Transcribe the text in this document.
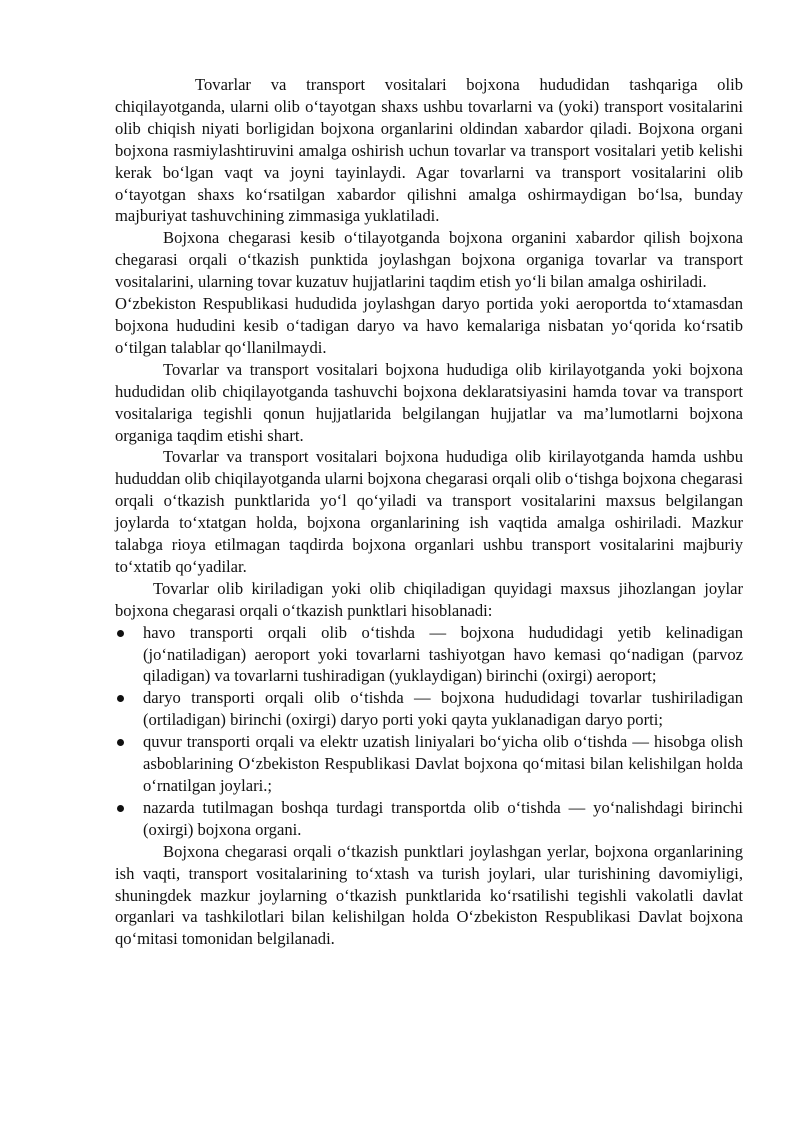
Tovarlar va transport vositalari bojxona hududidan tashqariga olib chiqilayotganda, ularni olib o‘tayotgan shaxs ushbu tovarlarni va (yoki) transport vositalarini olib chiqish niyati borligidan bojxona organlarini oldindan xabardor qiladi. Bojxona organi bojxona rasmiylashtiruvini amalga oshirish uchun tovarlar va transport vositalari yetib kelishi kerak bo‘lgan vaqt va joyni tayinlaydi. Agar tovarlarni va transport vositalarini olib o‘tayotgan shaxs ko‘rsatilgan xabardor qilishni amalga oshirmaydigan bo‘lsa, bunday majburiyat tashuvchining zimmasiga yuklatiladi.

Bojxona chegarasi kesib o‘tilayotganda bojxona organini xabardor qilish bojxona chegarasi orqali o‘tkazish punktida joylashgan bojxona organiga tovarlar va transport vositalarini, ularning tovar kuzatuv hujjatlarini taqdim etish yo‘li bilan amalga oshiriladi.

O‘zbekiston Respublikasi hududida joylashgan daryo portida yoki aeroportda to‘xtamasdan bojxona hududini kesib o‘tadigan daryo va havo kemalariga nisbatan yo‘qorida ko‘rsatib o‘tilgan talablar qo‘llanilmaydi.

Tovarlar va transport vositalari bojxona hududiga olib kirilayotganda yoki bojxona hududidan olib chiqilayotganda tashuvchi bojxona deklaratsiyasini hamda tovar va transport vositalariga tegishli qonun hujjatlarida belgilangan hujjatlar va ma’lumotlarni bojxona organiga taqdim etishi shart.

Tovarlar va transport vositalari bojxona hududiga olib kirilayotganda hamda ushbu hududdan olib chiqilayotganda ularni bojxona chegarasi orqali olib o‘tishga bojxona chegarasi orqali o‘tkazish punktlarida yo‘l qo‘yiladi va transport vositalarini maxsus belgilangan joylarda to‘xtatgan holda, bojxona organlarining ish vaqtida amalga oshiriladi. Mazkur talabga rioya etilmagan taqdirda bojxona organlari ushbu transport vositalarini majburiy to‘xtatib qo‘yadilar.

Tovarlar olib kiriladigan yoki olib chiqiladigan quyidagi maxsus jihozlangan joylar bojxona chegarasi orqali o‘tkazish punktlari hisoblanadi:

havo transporti orqali olib o‘tishda — bojxona hududidagi yetib kelinadigan (jo‘natiladigan) aeroport yoki tovarlarni tashiyotgan havo kemasi qo‘nadigan (parvoz qiladigan) va tovarlarni tushiradigan (yuklaydigan) birinchi (oxirgi) aeroport;
daryo transporti orqali olib o‘tishda — bojxona hududidagi tovarlar tushiriladigan (ortiladigan) birinchi (oxirgi) daryo porti yoki qayta yuklanadigan daryo porti;
quvur transporti orqali va elektr uzatish liniyalari bo‘yicha olib o‘tishda — hisobga olish asboblarining O‘zbekiston Respublikasi Davlat bojxona qo‘mitasi bilan kelishilgan holda o‘rnatilgan joylari.;
nazarda tutilmagan boshqa turdagi transportda olib o‘tishda — yo‘nalishdagi birinchi (oxirgi) bojxona organi.

Bojxona chegarasi orqali o‘tkazish punktlari joylashgan yerlar, bojxona organlarining ish vaqti, transport vositalarining to‘xtash va turish joylari, ular turishining davomiyligi, shuningdek mazkur joylarning o‘tkazish punktlarida ko‘rsatilishi tegishli vakolatli davlat organlari va tashkilotlari bilan kelishilgan holda O‘zbekiston Respublikasi Davlat bojxona qo‘mitasi tomonidan belgilanadi.
